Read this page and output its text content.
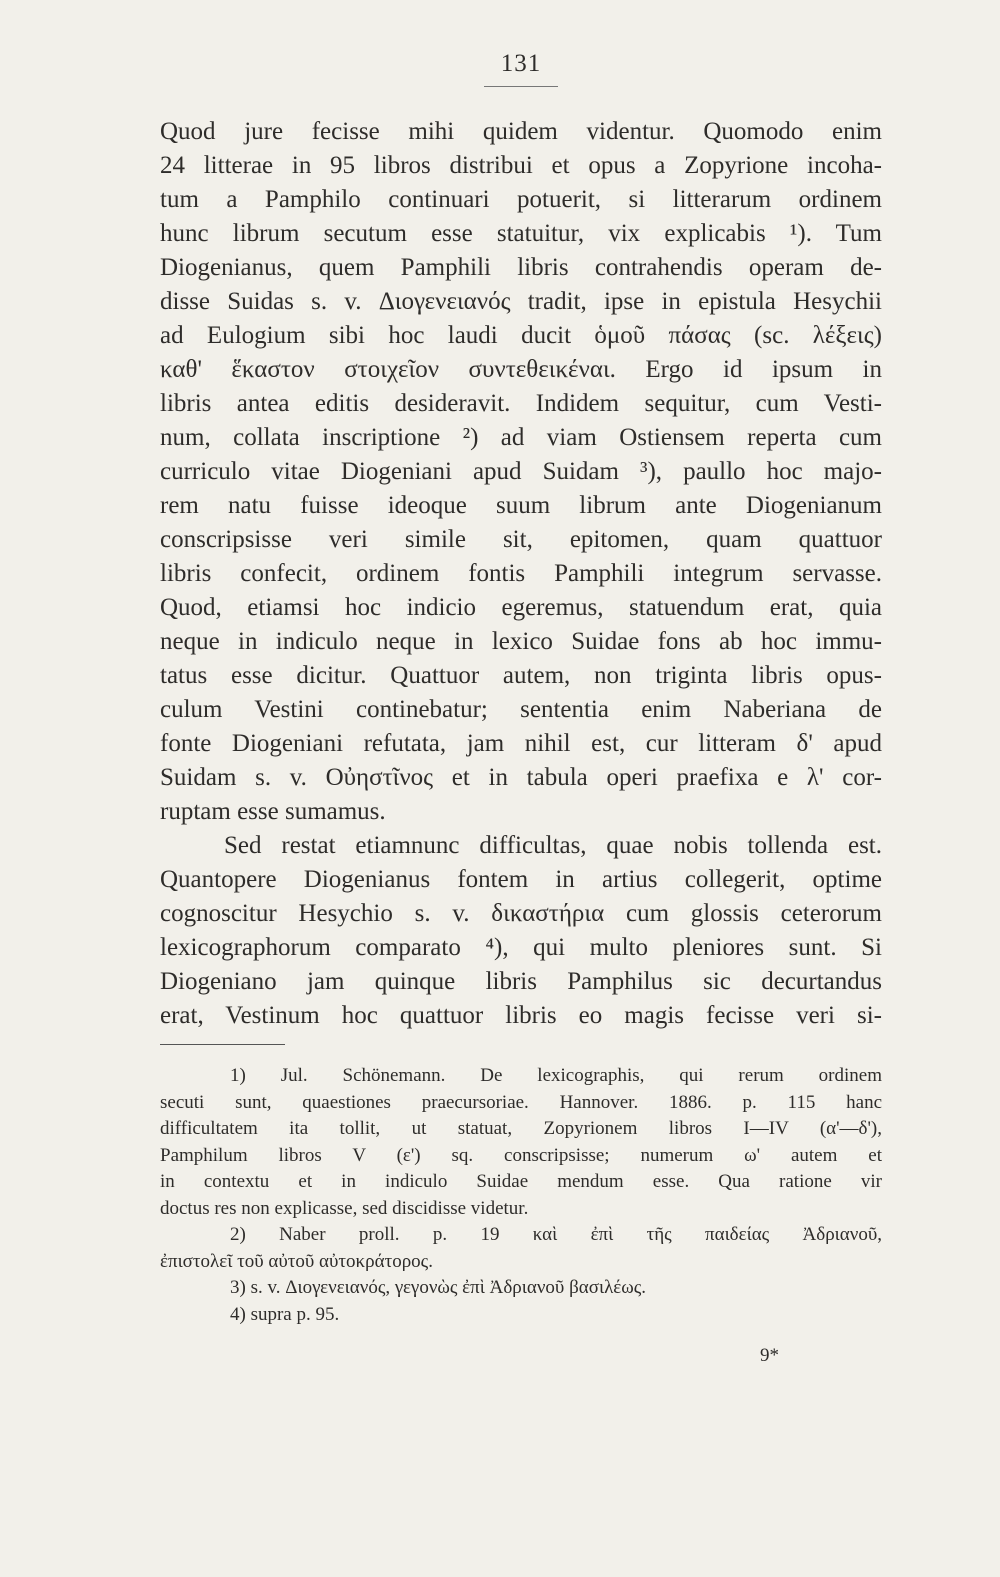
131
Quod jure fecisse mihi quidem videntur. Quomodo enim
24 litterae in 95 libros distribui et opus a Zopyrione incoha-
tum a Pamphilo continuari potuerit, si litterarum ordinem
hunc librum secutum esse statuitur, vix explicabis ¹). Tum
Diogenianus, quem Pamphili libris contrahendis operam de-
disse Suidas s. v. Διογενειανός tradit, ipse in epistula Hesychii
ad Eulogium sibi hoc laudi ducit ὁμοῦ πάσας (sc. λέξεις)
καθ' ἕκαστον στοιχεῖον συντεθεικέναι. Ergo id ipsum in
libris antea editis desideravit. Indidem sequitur, cum Vesti-
num, collata inscriptione ²) ad viam Ostiensem reperta cum
curriculo vitae Diogeniani apud Suidam ³), paullo hoc majo-
rem natu fuisse ideoque suum librum ante Diogenianum
conscripsisse veri simile sit, epitomen, quam quattuor
libris confecit, ordinem fontis Pamphili integrum servasse.
Quod, etiamsi hoc indicio egeremus, statuendum erat, quia
neque in indiculo neque in lexico Suidae fons ab hoc immu-
tatus esse dicitur. Quattuor autem, non triginta libris opus-
culum Vestini continebatur; sententia enim Naberiana de
fonte Diogeniani refutata, jam nihil est, cur litteram δ' apud
Suidam s. v. Οὐηστῖνος et in tabula operi praefixa e λ' cor-
ruptam esse sumamus.
Sed restat etiamnunc difficultas, quae nobis tollenda est.
Quantopere Diogenianus fontem in artius collegerit, optime
cognoscitur Hesychio s. v. δικαστήρια cum glossis ceterorum
lexicographorum comparato ⁴), qui multo pleniores sunt. Si
Diogeniano jam quinque libris Pamphilus sic decurtandus
erat, Vestinum hoc quattuor libris eo magis fecisse veri si-
1) Jul. Schönemann. De lexicographis, qui rerum ordinem
secuti sunt, quaestiones praecursoriae. Hannover. 1886. p. 115 hanc
difficultatem ita tollit, ut statuat, Zopyrionem libros I—IV (α'—δ'),
Pamphilum libros V (ε') sq. conscripsisse; numerum ω' autem et
in contextu et in indiculo Suidae mendum esse. Qua ratione vir
doctus res non explicasse, sed discidisse videtur.
2) Naber proll. p. 19 καὶ ἐπὶ τῆς παιδείας Ἀδριανοῦ,
ἐπιστολεῖ τοῦ αὐτοῦ αὐτοκράτορος.
3) s. v. Διογενειανός, γεγονὼς ἐπὶ Ἀδριανοῦ βασιλέως.
4) supra p. 95.
9*
